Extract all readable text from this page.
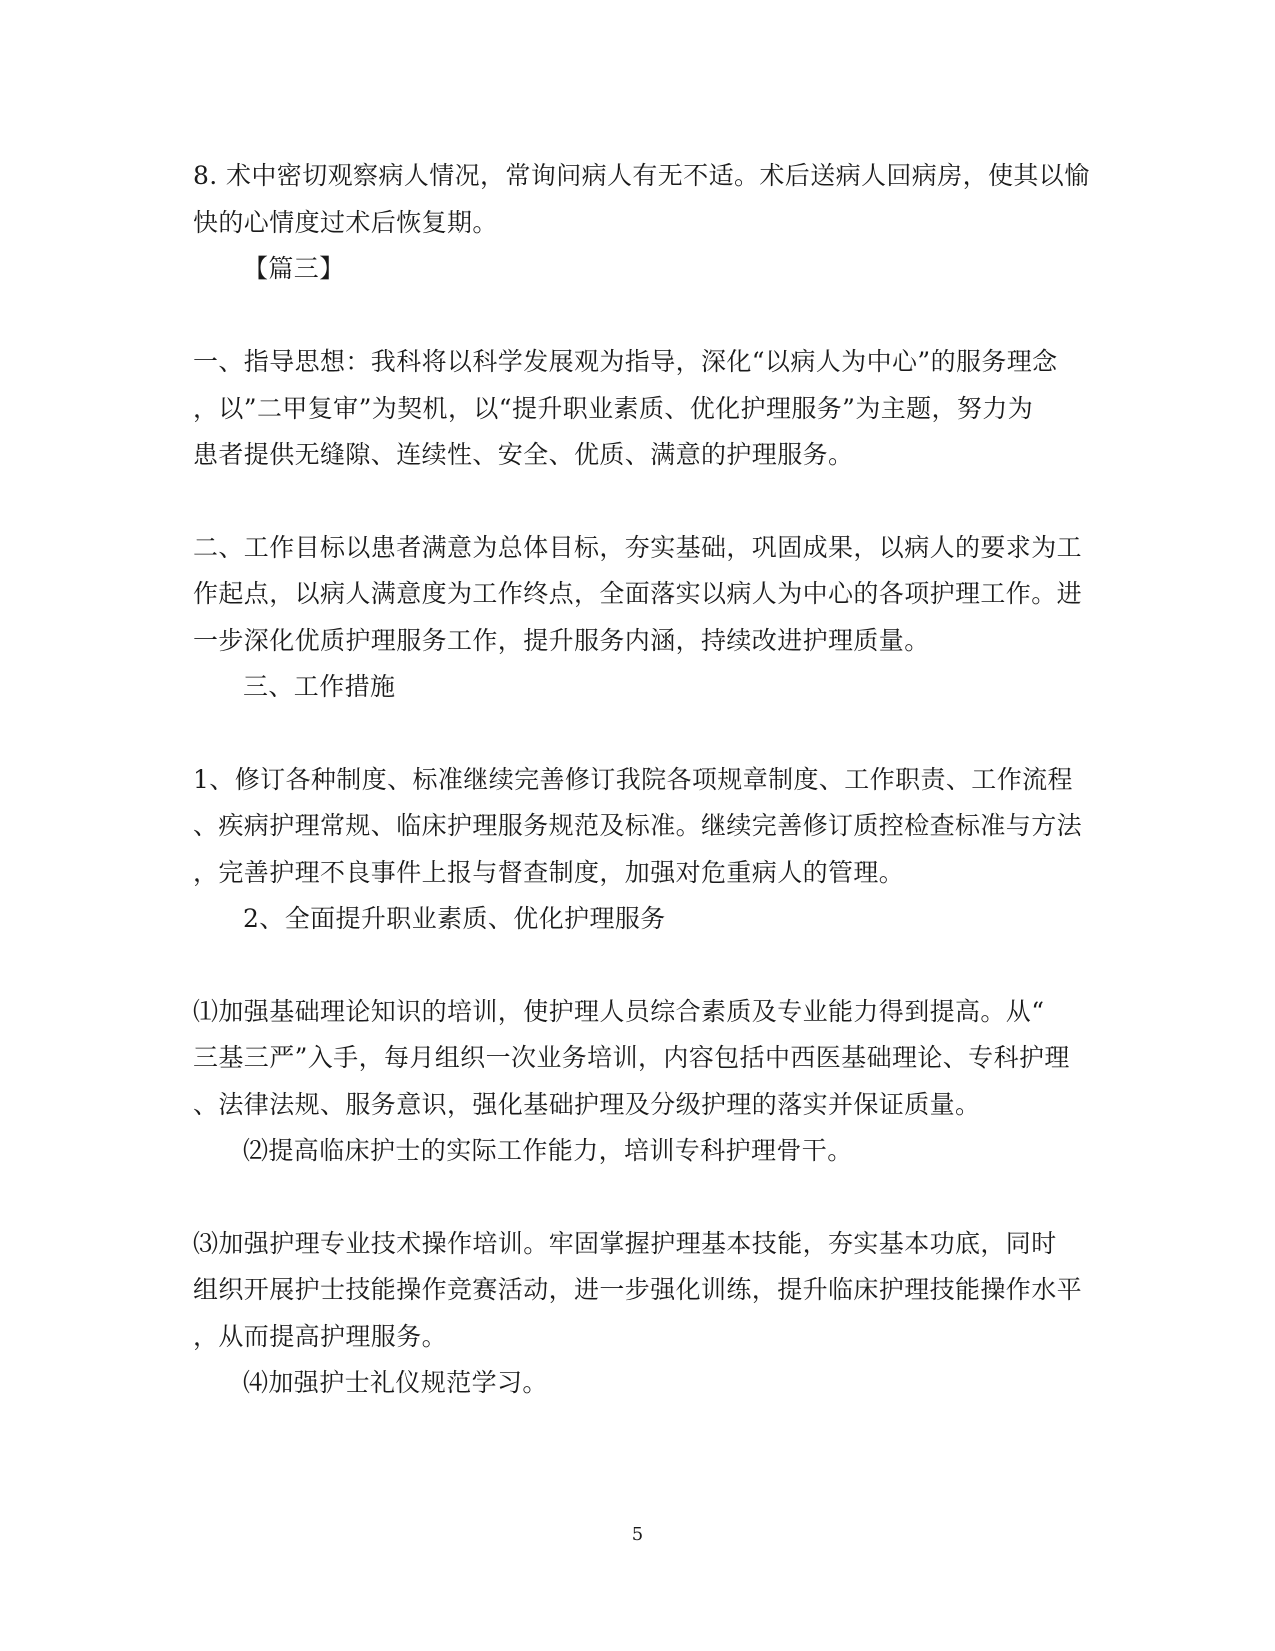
8. 术中密切观察病人情况，常询问病人有无不适。术后送病人回病房，使其以愉
快的心情度过术后恢复期。
【篇三】
一、指导思想：我科将以科学发展观为指导，深化“以病人为中心”的服务理念
，以”二甲复审”为契机，以“提升职业素质、优化护理服务”为主题，努力为
患者提供无缝隙、连续性、安全、优质、满意的护理服务。
二、工作目标以患者满意为总体目标，夯实基础，巩固成果，以病人的要求为工
作起点，以病人满意度为工作终点，全面落实以病人为中心的各项护理工作。进
一步深化优质护理服务工作，提升服务内涵，持续改进护理质量。
三、工作措施
1、修订各种制度、标准继续完善修订我院各项规章制度、工作职责、工作流程
、疾病护理常规、临床护理服务规范及标准。继续完善修订质控检查标准与方法
，完善护理不良事件上报与督查制度，加强对危重病人的管理。
2、全面提升职业素质、优化护理服务
⑴加强基础理论知识的培训，使护理人员综合素质及专业能力得到提高。从“
三基三严”入手，每月组织一次业务培训，内容包括中西医基础理论、专科护理
、法律法规、服务意识，强化基础护理及分级护理的落实并保证质量。
⑵提高临床护士的实际工作能力，培训专科护理骨干。
⑶加强护理专业技术操作培训。牢固掌握护理基本技能，夯实基本功底，同时
组织开展护士技能操作竞赛活动，进一步强化训练，提升临床护理技能操作水平
，从而提高护理服务。
⑷加强护士礼仪规范学习。
5
